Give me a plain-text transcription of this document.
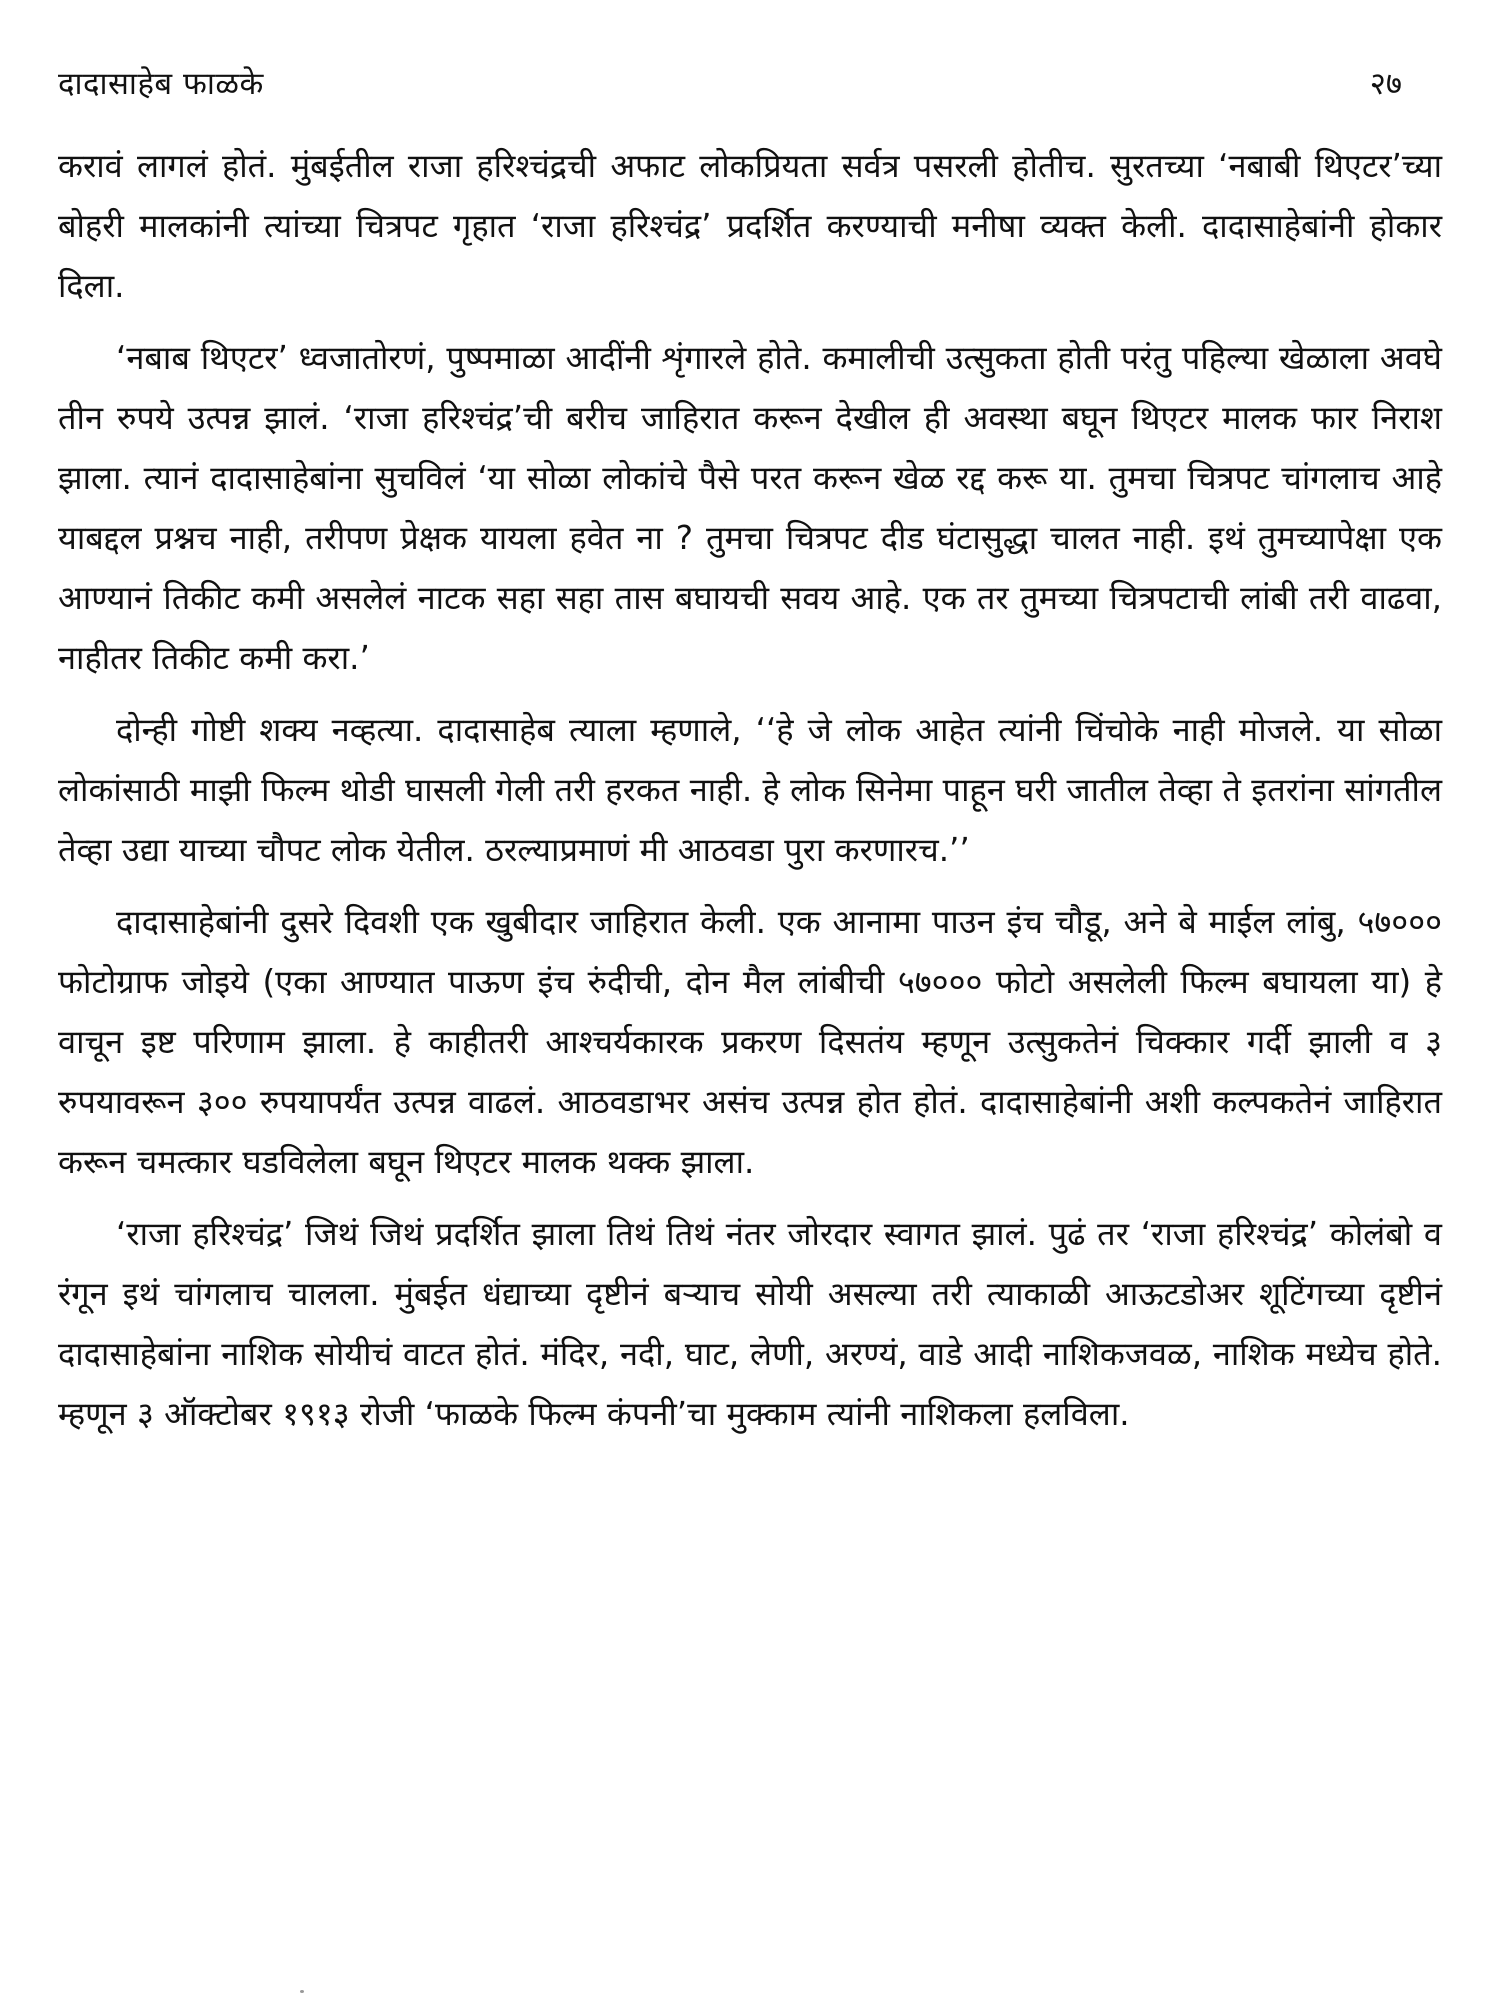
दादासाहेब फाळके	२७

करावं लागलं होतं. मुंबईतील राजा हरिश्चंद्रची अफाट लोकप्रियता सर्वत्र पसरली होतीच. सुरतच्या ‘नबाबी थिएटर’च्या बोहरी मालकांनी त्यांच्या चित्रपट गृहात ‘राजा हरिश्चंद्र’ प्रदर्शित करण्याची मनीषा व्यक्त केली. दादासाहेबांनी होकार दिला.

‘नबाब थिएटर’ ध्वजातोरणं, पुष्पमाळा आदींनी शृंगारले होते. कमालीची उत्सुकता होती परंतु पहिल्या खेळाला अवघे तीन रुपये उत्पन्न झालं. ‘राजा हरिश्चंद्र’ची बरीच जाहिरात करून देखील ही अवस्था बघून थिएटर मालक फार निराश झाला. त्यानं दादासाहेबांना सुचविलं ‘या सोळा लोकांचे पैसे परत करून खेळ रद्द करू या. तुमचा चित्रपट चांगलाच आहे याबद्दल प्रश्नच नाही, तरीपण प्रेक्षक यायला हवेत ना ? तुमचा चित्रपट दीड घंटासुद्धा चालत नाही. इथं तुमच्यापेक्षा एक आण्यानं तिकीट कमी असलेलं नाटक सहा सहा तास बघायची सवय आहे. एक तर तुमच्या चित्रपटाची लांबी तरी वाढवा, नाहीतर तिकीट कमी करा.’

दोन्ही गोष्टी शक्य नव्हत्या. दादासाहेब त्याला म्हणाले, ‘‘हे जे लोक आहेत त्यांनी चिंचोके नाही मोजले. या सोळा लोकांसाठी माझी फिल्म थोडी घासली गेली तरी हरकत नाही. हे लोक सिनेमा पाहून घरी जातील तेव्हा ते इतरांना सांगतील तेव्हा उद्या याच्या चौपट लोक येतील. ठरल्याप्रमाणं मी आठवडा पुरा करणारच.’’

दादासाहेबांनी दुसरे दिवशी एक खुबीदार जाहिरात केली. एक आनामा पाउन इंच चौडू, अने बे माईल लांबु, ५७००० फोटोग्राफ जोइये (एका आण्यात पाऊण इंच रुंदीची, दोन मैल लांबीची ५७००० फोटो असलेली फिल्म बघायला या) हे वाचून इष्ट परिणाम झाला. हे काहीतरी आश्चर्यकारक प्रकरण दिसतंय म्हणून उत्सुकतेनं चिक्कार गर्दी झाली व ३ रुपयावरून ३०० रुपयापर्यंत उत्पन्न वाढलं. आठवडाभर असंच उत्पन्न होत होतं. दादासाहेबांनी अशी कल्पकतेनं जाहिरात करून चमत्कार घडविलेला बघून थिएटर मालक थक्क झाला.

‘राजा हरिश्चंद्र’ जिथं जिथं प्रदर्शित झाला तिथं तिथं नंतर जोरदार स्वागत झालं. पुढं तर ‘राजा हरिश्चंद्र’ कोलंबो व रंगून इथं चांगलाच चालला. मुंबईत धंद्याच्या दृष्टीनं बऱ्याच सोयी असल्या तरी त्याकाळी आऊटडोअर शूटिंगच्या दृष्टीनं दादासाहेबांना नाशिक सोयीचं वाटत होतं. मंदिर, नदी, घाट, लेणी, अरण्यं, वाडे आदी नाशिकजवळ, नाशिक मध्येच होते. म्हणून ३ ऑक्टोबर १९१३ रोजी ‘फाळके फिल्म कंपनी’चा मुक्काम त्यांनी नाशिकला हलविला.
